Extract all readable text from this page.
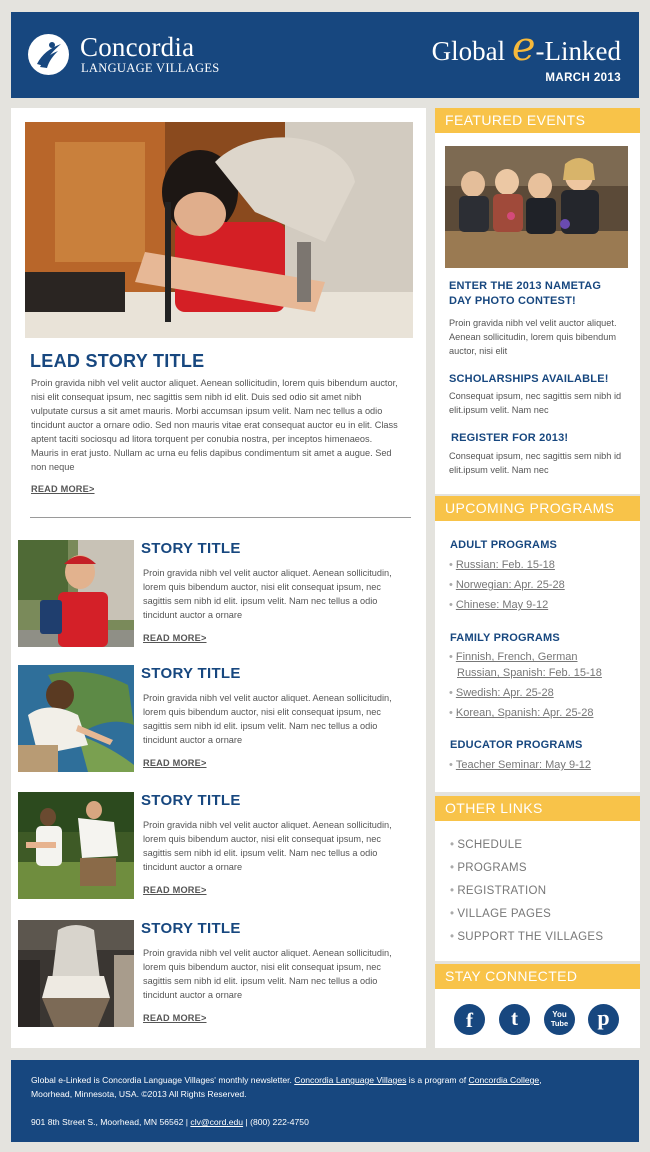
Concordia
LANGUAGE VILLAGES
Global e-Linked
MARCH 2013
LEAD STORY TITLE
Proin gravida nibh vel velit auctor aliquet. Aenean sollicitudin, lorem quis bibendum auctor, nisi elit consequat ipsum, nec sagittis sem nibh id elit. Duis sed odio sit amet nibh vulputate cursus a sit amet mauris. Morbi accumsan ipsum velit. Nam nec tellus a odio tincidunt auctor a ornare odio. Sed non mauris vitae erat consequat auctor eu in elit. Class aptent taciti sociosqu ad litora torquent per conubia nostra, per inceptos himenaeos. Mauris in erat justo. Nullam ac urna eu felis dapibus condimentum sit amet a augue. Sed non neque
READ MORE>
STORY TITLE
Proin gravida nibh vel velit auctor aliquet. Aenean sollicitudin, lorem quis bibendum auctor, nisi elit consequat ipsum, nec sagittis sem nibh id elit. ipsum velit. Nam nec tellus a odio tincidunt auctor a ornare
READ MORE>
STORY TITLE
Proin gravida nibh vel velit auctor aliquet. Aenean sollicitudin, lorem quis bibendum auctor, nisi elit consequat ipsum, nec sagittis sem nibh id elit. ipsum velit. Nam nec tellus a odio tincidunt auctor a ornare
READ MORE>
STORY TITLE
Proin gravida nibh vel velit auctor aliquet. Aenean sollicitudin, lorem quis bibendum auctor, nisi elit consequat ipsum, nec sagittis sem nibh id elit. ipsum velit. Nam nec tellus a odio tincidunt auctor a ornare
READ MORE>
STORY TITLE
Proin gravida nibh vel velit auctor aliquet. Aenean sollicitudin, lorem quis bibendum auctor, nisi elit consequat ipsum, nec sagittis sem nibh id elit. ipsum velit. Nam nec tellus a odio tincidunt auctor a ornare
READ MORE>
FEATURED EVENTS
ENTER THE 2013 NAMETAG
DAY PHOTO CONTEST!
Proin gravida nibh vel velit auctor aliquet. Aenean sollicitudin, lorem quis bibendum auctor, nisi elit
SCHOLARSHIPS AVAILABLE!
Consequat ipsum, nec sagittis sem nibh id elit.ipsum velit. Nam nec
REGISTER FOR 2013!
Consequat ipsum, nec sagittis sem nibh id elit.ipsum velit. Nam nec
UPCOMING PROGRAMS
ADULT PROGRAMS
• Russian: Feb. 15-18
• Norwegian: Apr. 25-28
• Chinese: May 9-12
FAMILY PROGRAMS
• Finnish, French, German
Russian, Spanish: Feb. 15-18
• Swedish: Apr. 25-28
• Korean, Spanish: Apr. 25-28
EDUCATOR PROGRAMS
• Teacher Seminar: May 9-12
OTHER LINKS
• SCHEDULE
• PROGRAMS
• REGISTRATION
• VILLAGE PAGES
• SUPPORT THE VILLAGES
STAY CONNECTED
f	t	You
Tube	p
Global e-Linked is Concordia Language Villages' monthly newsletter. Concordia Language Villages is a program of Concordia College,
Moorhead, Minnesota, USA. ©2013 All Rights Reserved.
901 8th Street S., Moorhead, MN 56562 | clv@cord.edu | (800) 222-4750
